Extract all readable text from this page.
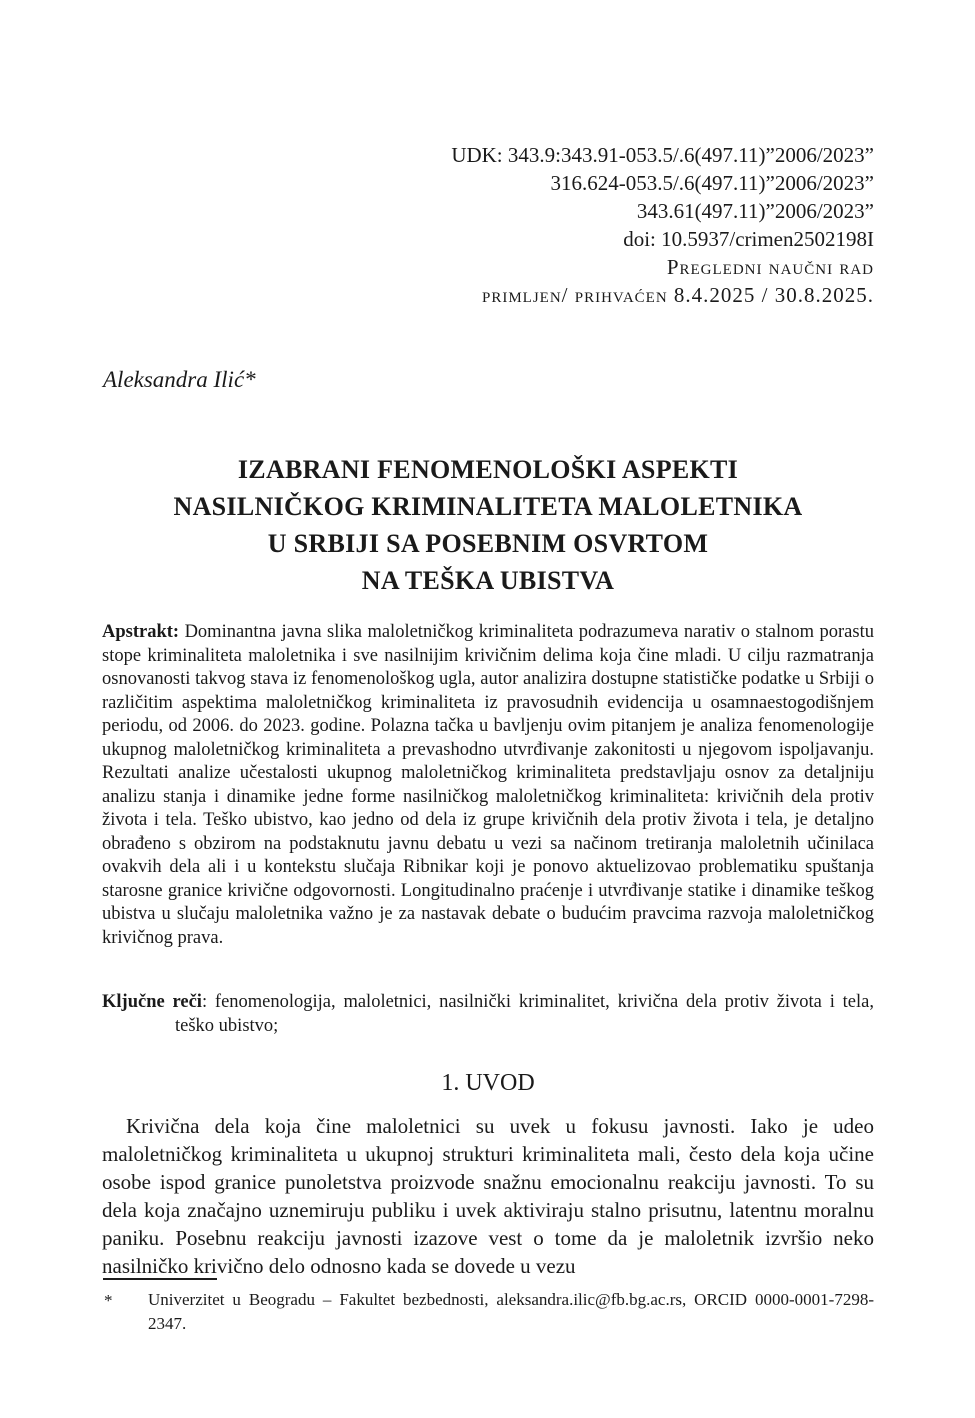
UDK: 343.9:343.91-053.5/.6(497.11)”2006/2023”
316.624-053.5/.6(497.11)”2006/2023”
343.61(497.11)”2006/2023”
doi: 10.5937/crimen2502198I
Pregledni naučni rad
primljen/ prihvaćen 8.4.2025 / 30.8.2025.
Aleksandra Ilić*
IZABRANI FENOMENOLOŠKI ASPEKTI
NASILNIČKOG KRIMINALITETA MALOLETNIKA
U SRBIJI SA POSEBNIM OSVRTOM
NA TEŠKA UBISTVA

Apstrakt: Dominantna javna slika maloletničkog kriminaliteta podrazumeva narativ o stalnom porastu stope kriminaliteta maloletnika i sve nasilnijim krivičnim delima koja čine mladi. U cilju razmatranja osnovanosti takvog stava iz fenomenološkog ugla, autor analizira dostupne statističke podatke u Srbiji o različitim aspektima maloletničkog kriminaliteta iz pravosudnih evidencija u osamnaestogodišnjem periodu, od 2006. do 2023. godine. Polazna tačka u bavljenju ovim pitanjem je analiza fenomenologije ukupnog maloletničkog kriminaliteta a prevashodno utvrđivanje zakonitosti u njegovom ispoljavanju. Rezultati analize učestalosti ukupnog maloletničkog kriminaliteta predstavljaju osnov za detaljniju analizu stanja i dinamike jedne forme nasilničkog maloletničkog kriminaliteta: krivičnih dela protiv života i tela. Teško ubistvo, kao jedno od dela iz grupe krivičnih dela protiv života i tela, je detaljno obrađeno s obzirom na podstaknutu javnu debatu u vezi sa načinom tretiranja maloletnih učinilaca ovakvih dela ali i u kontekstu slučaja Ribnikar koji je ponovo aktuelizovao problematiku spuštanja starosne granice krivične odgovornosti. Longitudinalno praćenje i utvrđivanje statike i dinamike teškog ubistva u slučaju maloletnika važno je za nastavak debate o budućim pravcima razvoja maloletničkog krivičnog prava.

Ključne reči: fenomenologija, maloletnici, nasilnički kriminalitet, krivična dela protiv života i tela, teško ubistvo;

1. UVOD

Krivična dela koja čine maloletnici su uvek u fokusu javnosti. Iako je udeo maloletničkog kriminaliteta u ukupnoj strukturi kriminaliteta mali, često dela koja učine osobe ispod granice punoletstva proizvode snažnu emocionalnu reakciju javnosti. To su dela koja značajno uznemiruju publiku i uvek aktiviraju stalno prisutnu, latentnu moralnu paniku. Posebnu reakciju javnosti izazove vest o tome da je maloletnik izvršio neko nasilničko krivično delo odnosno kada se dovede u vezu

* Univerzitet u Beogradu – Fakultet bezbednosti, aleksandra.ilic@fb.bg.ac.rs, ORCID 0000-0001-7298-2347.
